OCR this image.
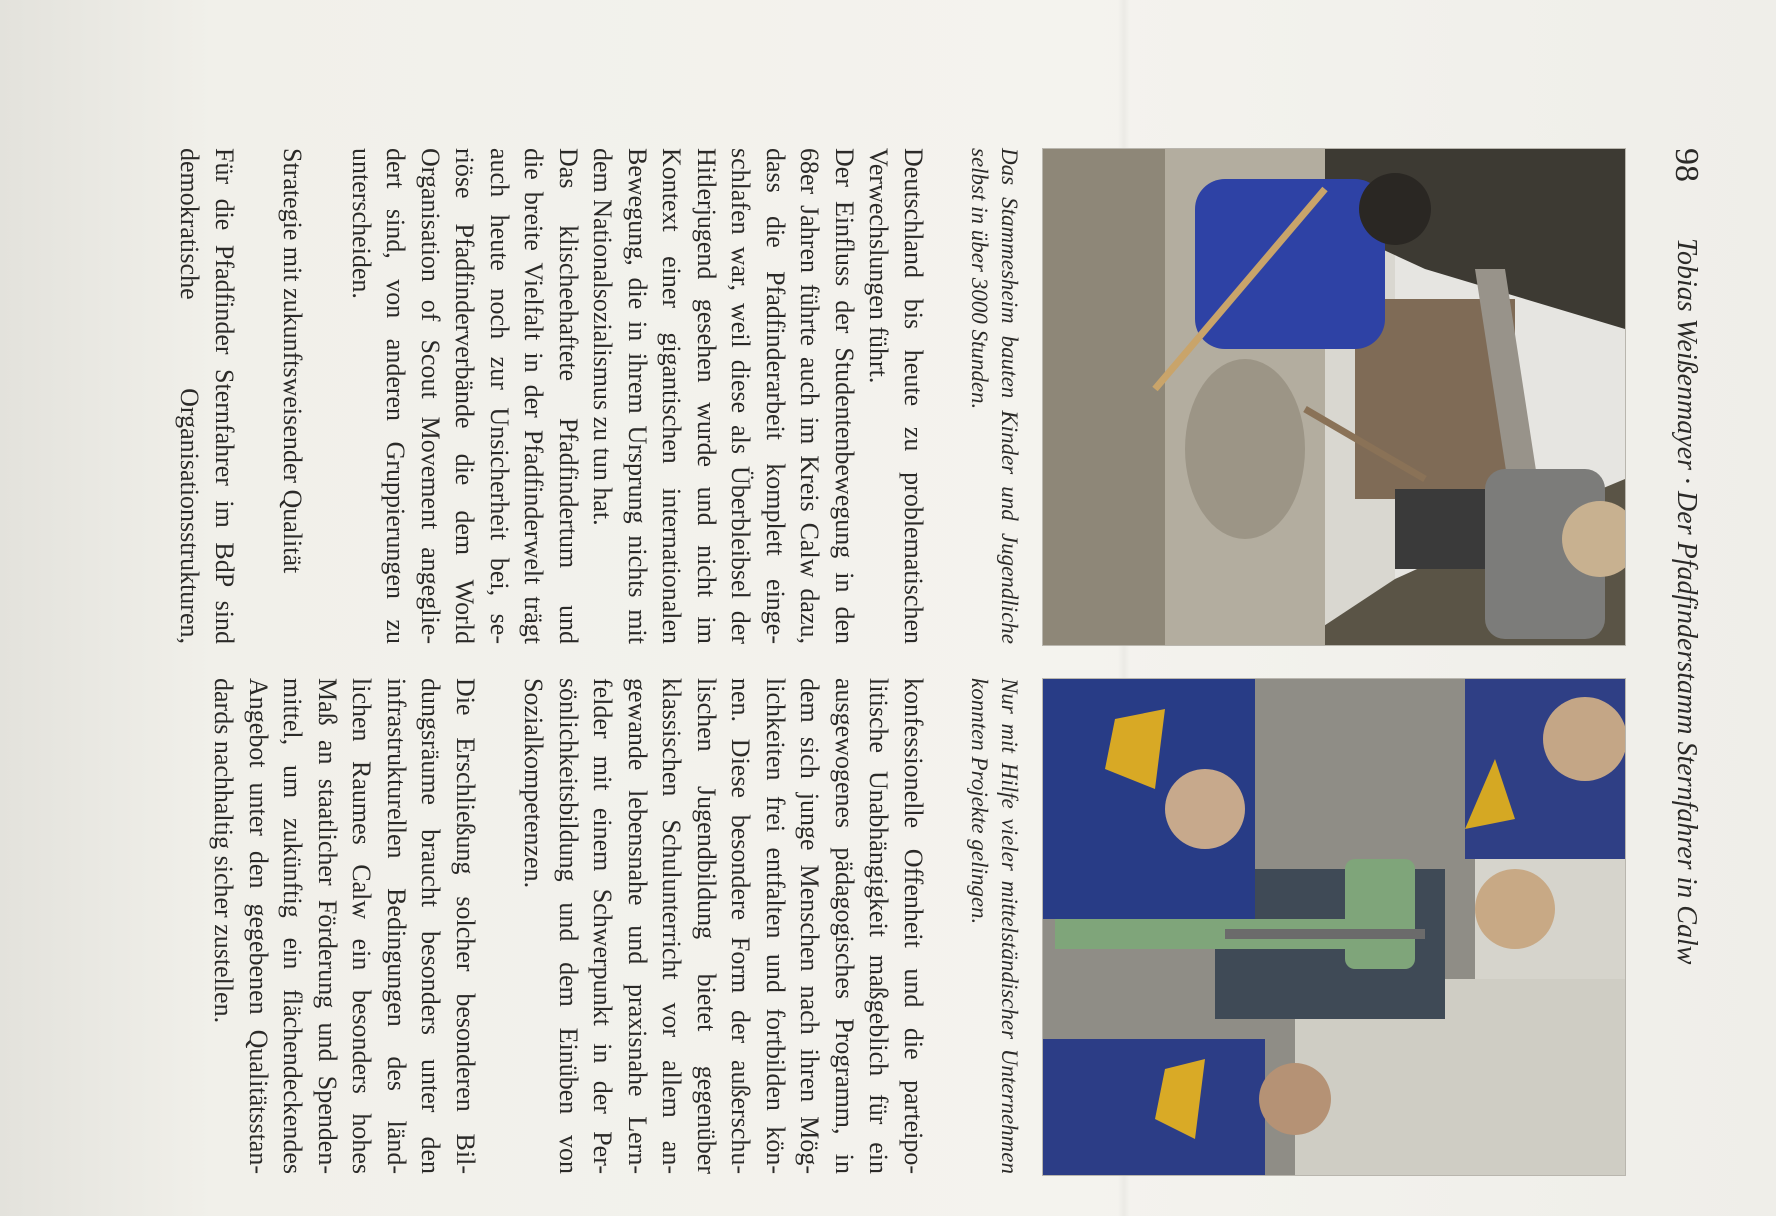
98
Tobias Weißenmayer · Der Pfadfinderstamm Sternfahrer in Calw
Das Stammesheim bauten Kinder und Jugendliche selbst in über 3000 Stunden.
Nur mit Hilfe vieler mittelständischer Unternehmen konnten Projekte gelingen.

Deutschland bis heute zu problematischen
Verwechslungen führt.

Der Einfluss der Studentenbewegung in den
68er Jahren führte auch im Kreis Calw dazu,
dass die Pfadfinderarbeit komplett einge-
schlafen war, weil diese als Überbleibsel der
Hitlerjugend gesehen wurde und nicht im
Kontext einer gigantischen internationalen
Bewegung, die in ihrem Ursprung nichts mit
dem Nationalsozialismus zu tun hat.

Das klischeehaftete Pfadfindertum und
die breite Vielfalt in der Pfadfinderwelt trägt
auch heute noch zur Unsicherheit bei, se-
riöse Pfadfinderverbände die dem World
Organisation of Scout Movement angeglie-
dert sind, von anderen Gruppierungen zu
unterscheiden.

Strategie mit zukunftsweisender Qualität

Für die Pfadfinder Sternfahrer im BdP sind
demokratische Organisationsstrukturen,

konfessionelle Offenheit und die parteipo-
litische Unabhängigkeit maßgeblich für ein
ausgewogenes pädagogisches Programm, in
dem sich junge Menschen nach ihren Mög-
lichkeiten frei entfalten und fortbilden kön-
nen. Diese besondere Form der außerschu-
lischen Jugendbildung bietet gegenüber
klassischen Schulunterricht vor allem an-
gewande lebensnahe und praxisnahe Lern-
felder mit einem Schwerpunkt in der Per-
sönlichkeitsbildung und dem Einüben von
Sozialkompetenzen.

Die Erschließung solcher besonderen Bil-
dungsräume braucht besonders unter den
infrastrukturellen Bedingungen des länd-
lichen Raumes Calw ein besonders hohes
Maß an staatlicher Förderung und Spenden-
mittel, um zukünftig ein flächendeckendes
Angebot unter den gegebenen Qualitätsstan-
dards nachhaltig sicher zustellen.
